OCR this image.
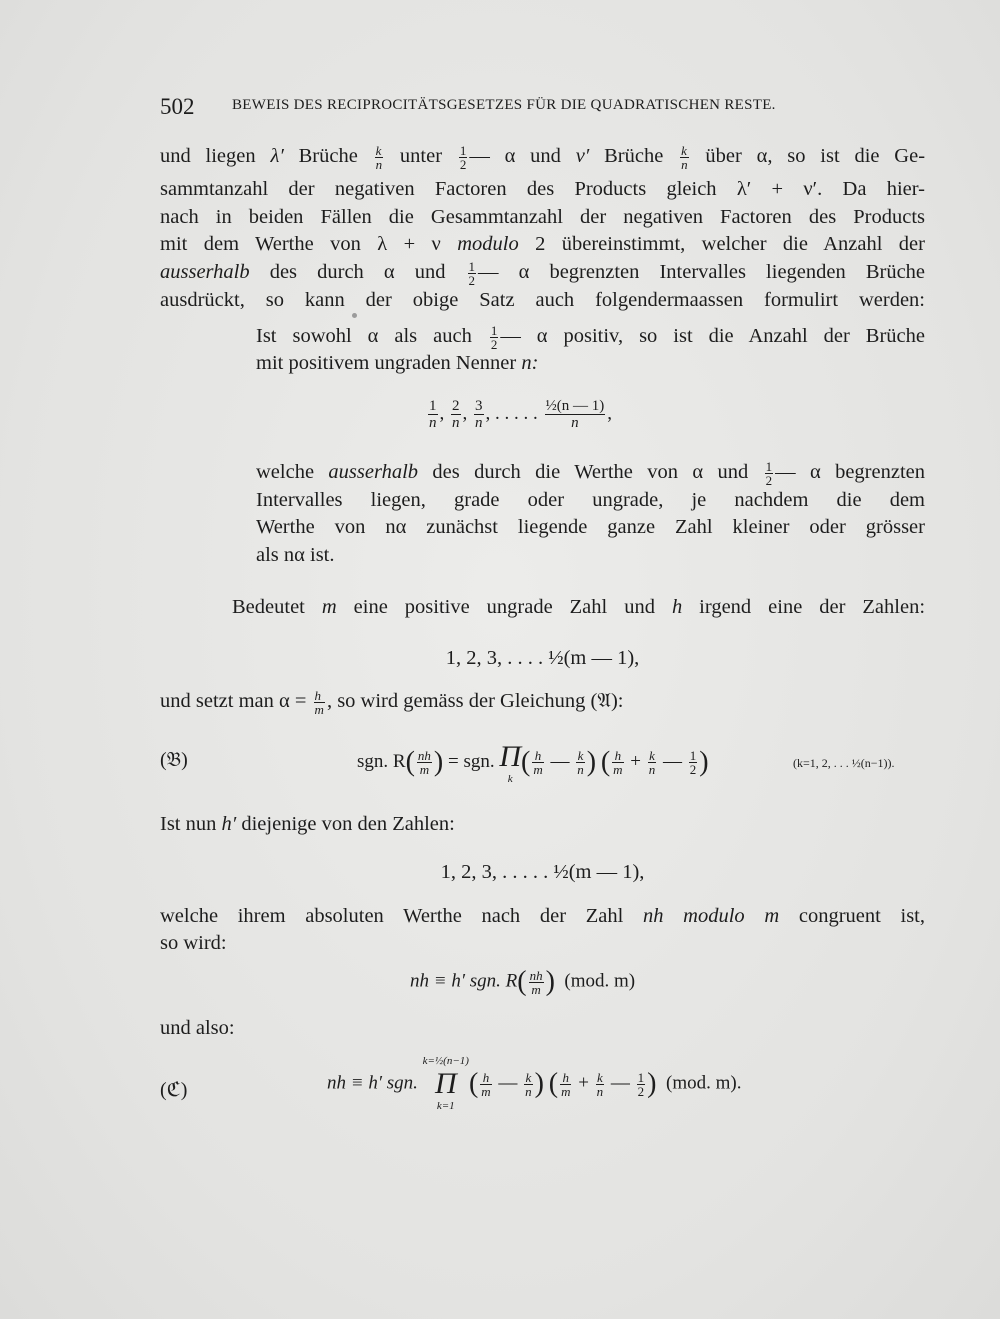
502	BEWEIS DES RECIPROCITÄTSGESETZES FÜR DIE QUADRATISCHEN RESTE.
und liegen λ′ Brüche $\frac{k}{n}$ unter $\frac{1}{2}$ — α und ν′ Brüche $\frac{k}{n}$ über α, so ist die Ge-
sammtanzahl der negativen Factoren des Products gleich λ′ + ν′. Da hier-
nach in beiden Fällen die Gesammtanzahl der negativen Factoren des Products
mit dem Werthe von λ + ν modulo 2 übereinstimmt, welcher die Anzahl der
ausserhalb des durch α und $\frac{1}{2}$ — α begrenzten Intervalles liegenden Brüche
ausdrückt, so kann der obige Satz auch folgendermaassen formulirt werden:
Ist sowohl α als auch $\frac{1}{2}$ — α positiv, so ist die Anzahl der Brüche
mit positivem ungraden Nenner n:
$\frac{1}{n}$ , $\frac{2}{n}$ , $\frac{3}{n}$ , . . . . . $\frac{\text{½(n — 1)}}{n}$ ,
welche ausserhalb des durch die Werthe von α und $\frac{1}{2}$ — α begrenzten
Intervalles liegen, grade oder ungrade, je nachdem die dem
Werthe von nα zunächst liegende ganze Zahl kleiner oder grösser
als nα ist.
Bedeutet m eine positive ungrade Zahl und h irgend eine der Zahlen:
1, 2, 3, . . . . ½(m — 1),
und setzt man $\alpha = \frac{h}{m}$ , so wird gemäss der Gleichung (𝔄):
(𝔅)	sgn. $R( \frac{nh}{m}$ ) = sgn. Π
k
( $\frac{h}{m}$ — $\frac{k}{n}$ ) ( $\frac{h}{m} + \frac{k}{n}$ — $\frac{1}{2}$ )	(k=1, 2, . . . ½(n−1)).
Ist nun h′ diejenige von den Zahlen:
1, 2, 3, . . . . . ½(m — 1),
welche ihrem absoluten Werthe nach der Zahl nh modulo m congruent ist,
so wird:
nh ≡ h′ sgn. $R( \frac{nh}{m}$ ) (mod. m)
und also:
(ℭ)	nh ≡ h′ sgn.
k=½(n−1)
Π
k=1
( $\frac{h}{m}$ — $\frac{k}{n}$ ) ( $\frac{h}{m} + \frac{k}{n}$ — $\frac{1}{2}$ ) (mod. m).
